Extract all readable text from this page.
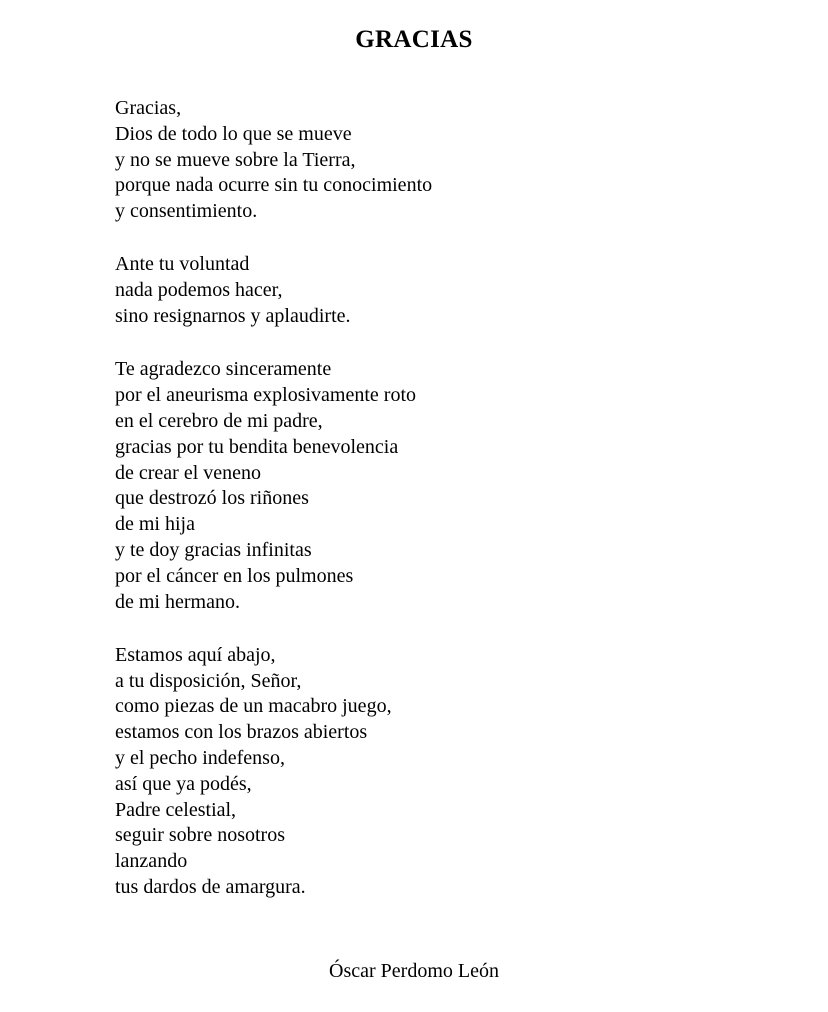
GRACIAS
Gracias,
Dios de todo lo que se mueve
y no se mueve sobre la Tierra,
porque nada ocurre sin tu conocimiento
y consentimiento.
Ante tu voluntad
nada podemos hacer,
sino resignarnos y aplaudirte.
Te agradezco sinceramente
por el aneurisma explosivamente roto
en el cerebro de mi padre,
gracias por tu bendita benevolencia
de crear el veneno
que destrozó los riñones
de mi hija
y te doy gracias infinitas
por el cáncer en los pulmones
de mi hermano.
Estamos aquí abajo,
a tu disposición, Señor,
como piezas de un macabro juego,
estamos con los brazos abiertos
y el pecho indefenso,
así que ya podés,
Padre celestial,
seguir sobre nosotros
lanzando
tus dardos de amargura.
Óscar Perdomo León
